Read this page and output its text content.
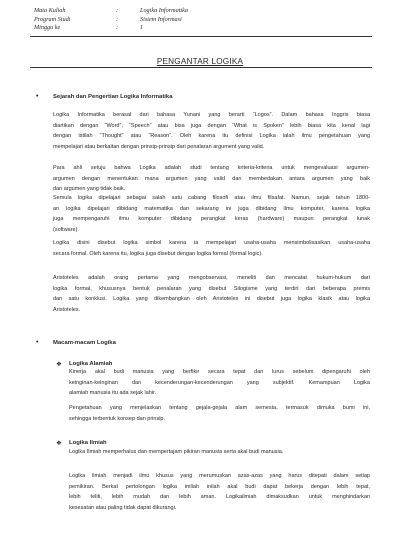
Mata Kuliah	:	Logika Informatika
Program Studi	:	Sistem Informasi
Minggu ke	:	1
PENGANTAR LOGIKA
• Sejarah dan Pengertian Logika Informatika
Logika Informatika berasal dari bahasa Yunani yang berarti “Logos”. Dalam bahasa Inggris biasa
diartikan dengan “Word”, “Speech” atau bisa juga dengan “What is Spoken” lebih biasa kita kenal lagi
dengan istilah “Thought” atau “Reason”. Oleh karena itu definisi Logika ialah ilmu pengetahuan yang
mempelajari atau berkaitan dengan prinsip-prinsip dari penalaran argument yang valid.
Para ahli setuju bahwa Logika adalah studi tentang kriteria-kriteria untuk mengevaluasi argumen-
argumen dengan menentukan mana argumen yang valid dan membedakan antara argumen yang baik
dan argumen yang tidak baik.
Semula logika dipelajari sebagai salah satu cabang filosofi atau ilmu filsafat. Namun, sejak tahun 1800-
an logika dipelajari dibidang matematika dan sekarang ini juga dibidang ilmu komputer, karena logika
juga mempengaruhi ilmu komputer dibidang perangkat keras (hardware) maupun perangkat lunak
(software).
Logika disini disebut logika simbol karena ia mempelajari usaha-usaha mensimbolisasikan usaha-usaha
secara formal. Oleh karena itu, logika juga disebut dengan logika formal (formal logic).
Aristoteles adalah orang pertama yang mengobservasi, meneliti dan mencatat hukum-hukum dari
logika formal, khususnya bentuk penalaran yang disebut Silogisme yang terdiri dari beberapa premis
dan satu konklusi. Logika yang dikembangkan oleh Aristoteles ini disebut juga logika klasik atau logika
Aristoteles.
• Macam-macam Logika
❖ Logika Alamiah
Kinerja akal budi manusia yang berfikir secara tepat dan lurus sebelum dipengaruhi oleh
keinginan-keinginan dan kecenderungan-kecenderungan yang subjektif. Kemampuan Logika
alamiah manusia itu ada sejak lahir.
Pengetahuan yang menjelaskan tentang gejala-gejala alam semesta, termasuk dimuka bumi ini,
sehingga terbentuk konsep dan prinsip.
❖ Logika Ilmiah
Logika Ilmiah memperhalus dan mempertajam pikiran manusia serta akal budi manusia.
Logika ilmiah menjadi ilmu khusus yang merumuskan azas-azas yang harus ditepati dalam setiap
pemikiran. Berkat pertolongan logika imliah inilah akal budi dapat bekerja dengan lebih tepat,
lebih teliti, lebih mudah dan lebih aman. Logikailmiah dimaksudkan untuk menghindarkan
kesesatan atau paling tidak dapat dikurangi.
